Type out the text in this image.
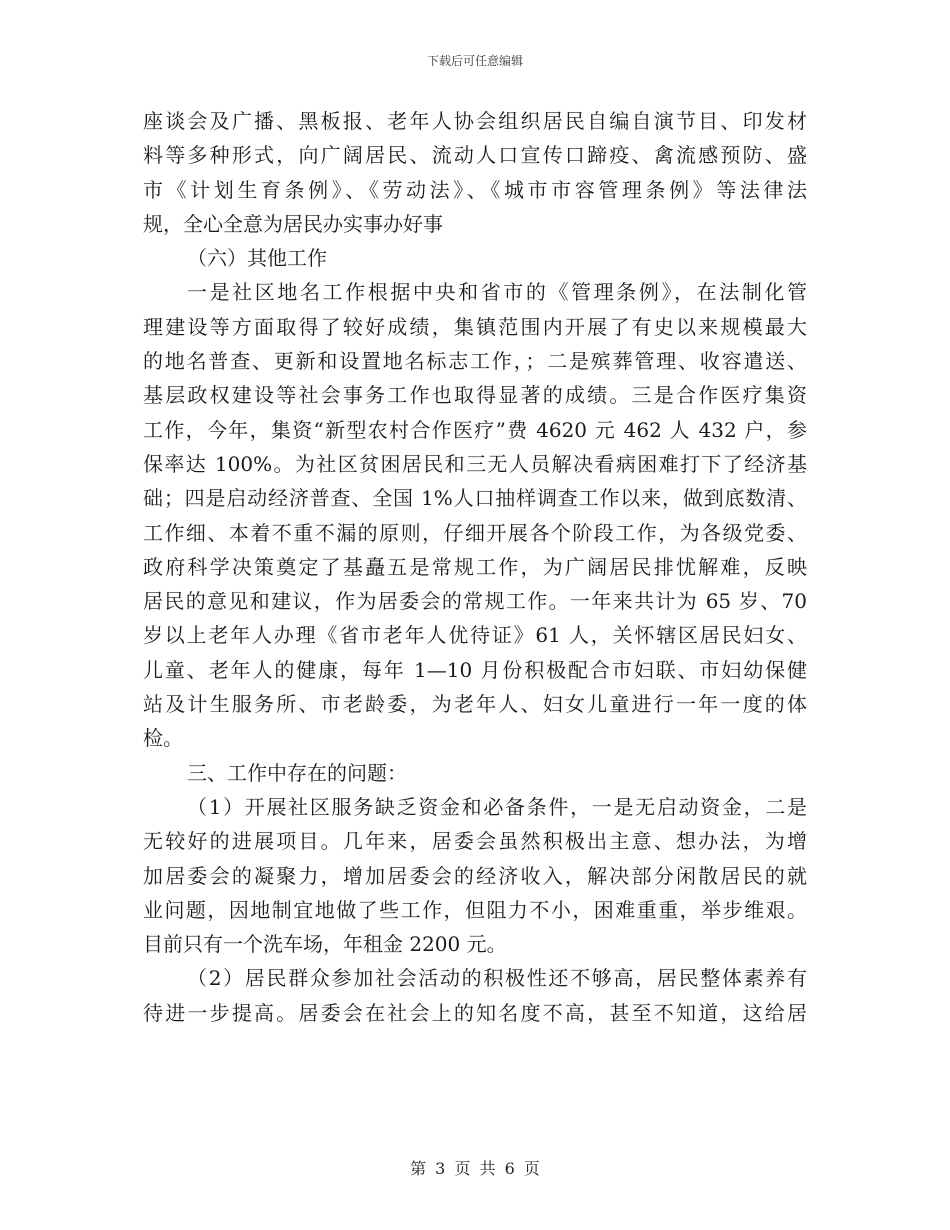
下载后可任意编辑
座谈会及广播、黑板报、老年人协会组织居民自编自演节目、印发材
料等多种形式，向广阔居民、流动人口宣传口蹄疫、禽流感预防、盛
市《计划生育条例》、《劳动法》、《城市市容管理条例》等法律法
规，全心全意为居民办实事办好事
（六）其他工作
一是社区地名工作根据中央和省市的《管理条例》，在法制化管
理建设等方面取得了较好成绩，集镇范围内开展了有史以来规模最大
的地名普查、更新和设置地名标志工作，；二是殡葬管理、收容遣送、
基层政权建设等社会事务工作也取得显著的成绩。三是合作医疗集资
工作，今年，集资“新型农村合作医疗”费 4620 元 462 人 432 户，参
保率达 100%。为社区贫困居民和三无人员解决看病困难打下了经济基
础；四是启动经济普查、全国 1%人口抽样调查工作以来，做到底数清、
工作细、本着不重不漏的原则，仔细开展各个阶段工作，为各级党委、
政府科学决策奠定了基矗五是常规工作，为广阔居民排忧解难，反映
居民的意见和建议，作为居委会的常规工作。一年来共计为 65 岁、70
岁以上老年人办理《省市老年人优待证》61 人，关怀辖区居民妇女、
儿童、老年人的健康，每年 1—10 月份积极配合市妇联、市妇幼保健
站及计生服务所、市老龄委，为老年人、妇女儿童进行一年一度的体
检。
三、工作中存在的问题：
（1）开展社区服务缺乏资金和必备条件，一是无启动资金，二是
无较好的进展项目。几年来，居委会虽然积极出主意、想办法，为增
加居委会的凝聚力，增加居委会的经济收入，解决部分闲散居民的就
业问题，因地制宜地做了些工作，但阻力不小，困难重重，举步维艰。
目前只有一个洗车场，年租金 2200 元。
（2）居民群众参加社会活动的积极性还不够高，居民整体素养有
待进一步提高。居委会在社会上的知名度不高，甚至不知道，这给居
第 3 页 共 6 页
